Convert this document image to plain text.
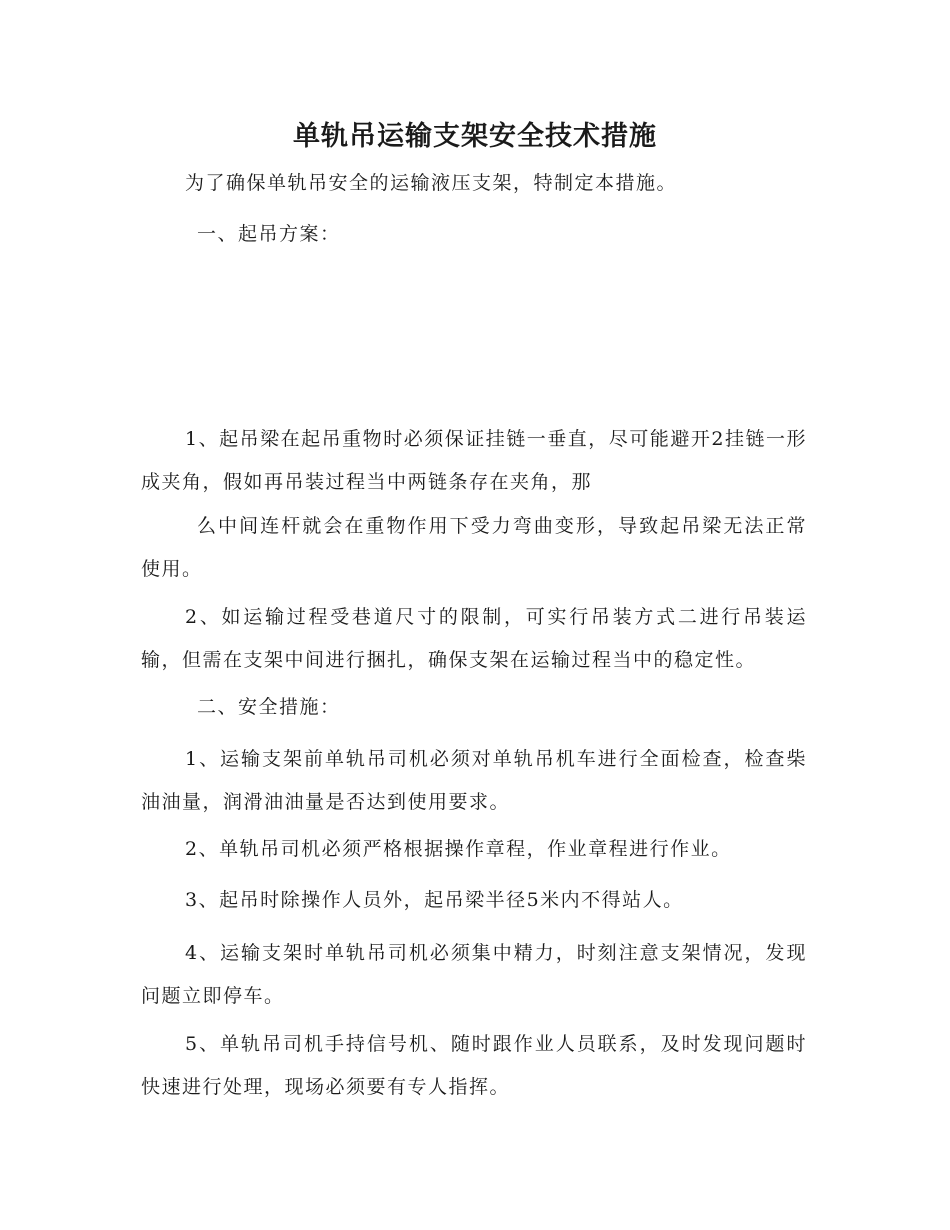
单轨吊运输支架安全技术措施

为了确保单轨吊安全的运输液压支架，特制定本措施。

一、起吊方案：

1、起吊梁在起吊重物时必须保证挂链一垂直，尽可能避开2挂链一形成夹角，假如再吊装过程当中两链条存在夹角，那

么中间连杆就会在重物作用下受力弯曲变形，导致起吊梁无法正常使用。

2、如运输过程受巷道尺寸的限制，可实行吊装方式二进行吊装运输，但需在支架中间进行捆扎，确保支架在运输过程当中的稳定性。

二、安全措施：

1、运输支架前单轨吊司机必须对单轨吊机车进行全面检查，检查柴油油量，润滑油油量是否达到使用要求。

2、单轨吊司机必须严格根据操作章程，作业章程进行作业。

3、起吊时除操作人员外，起吊梁半径5米内不得站人。

4、运输支架时单轨吊司机必须集中精力，时刻注意支架情况，发现问题立即停车。

5、单轨吊司机手持信号机、随时跟作业人员联系，及时发现问题时快速进行处理，现场必须要有专人指挥。
